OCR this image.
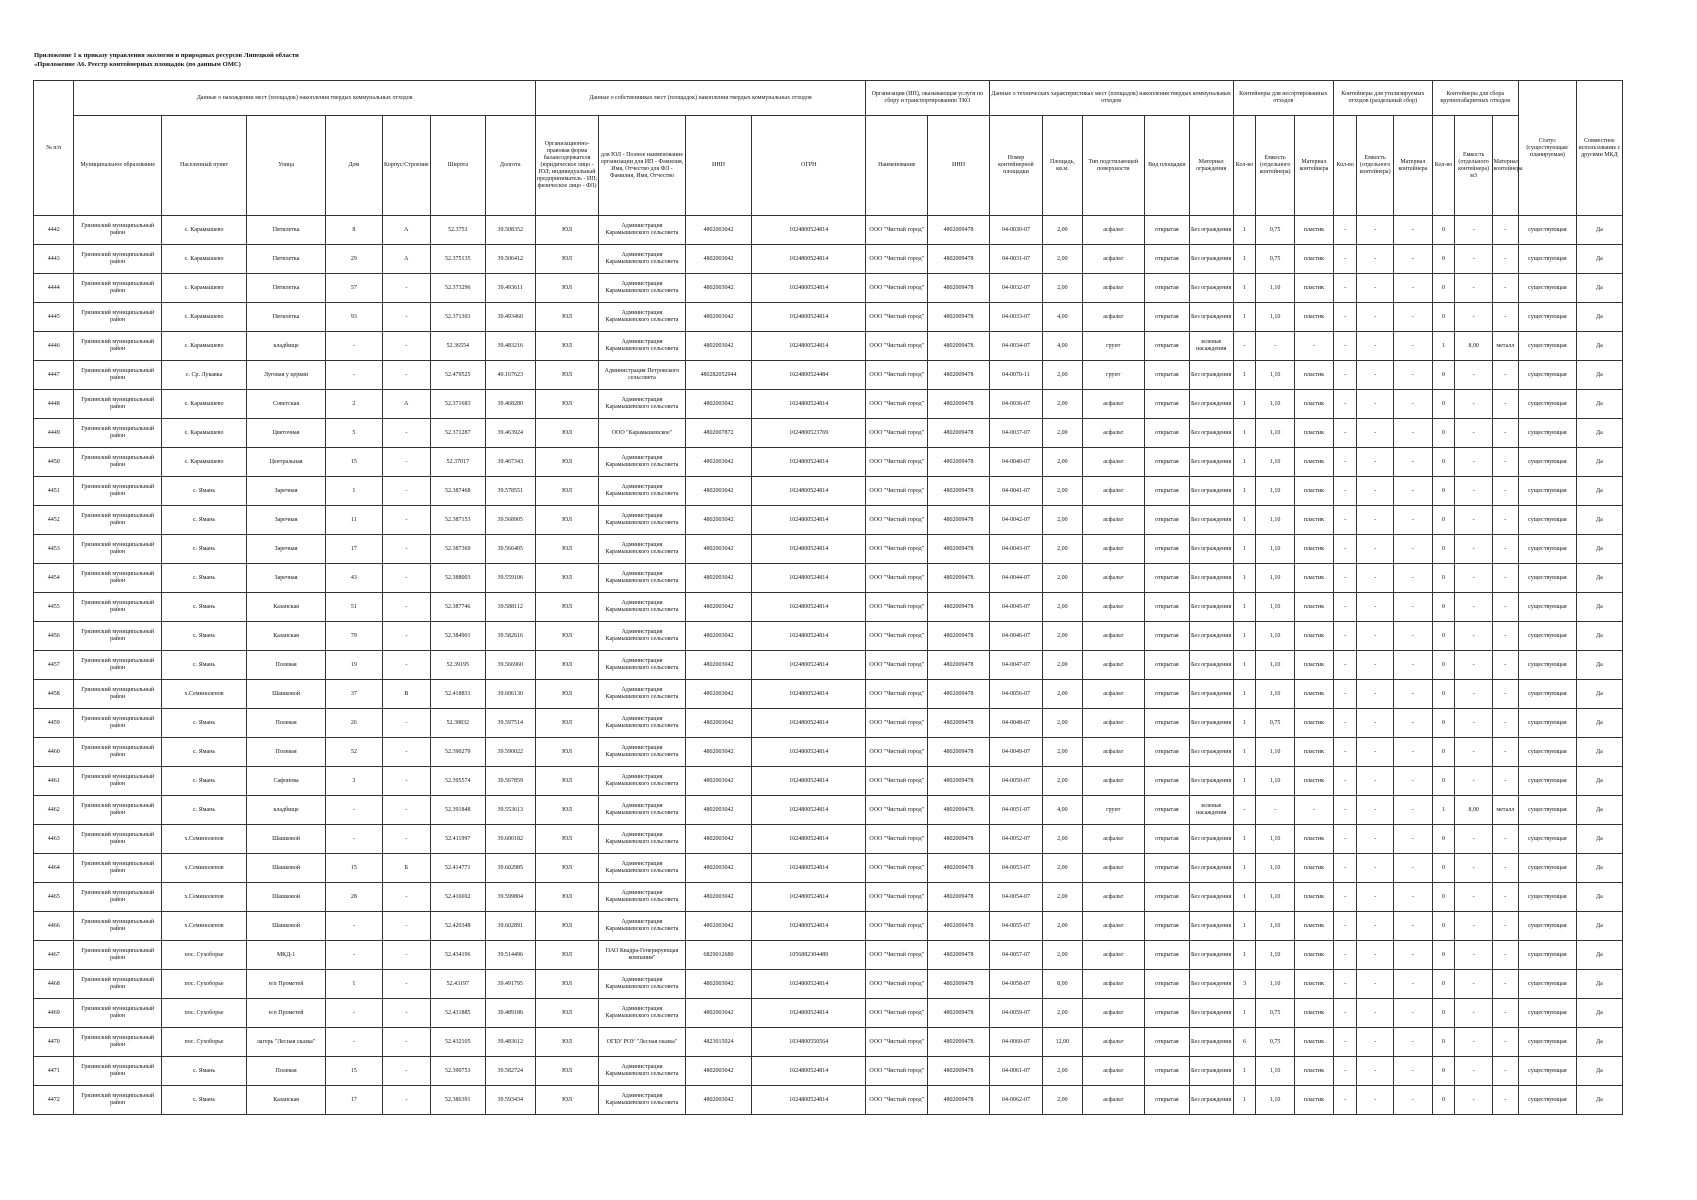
Приложение 1 к приказу управления экологии и природных ресурсов Липецкой области
«Приложение А6. Реестр контейнерных площадок (по данным ОМС)
№ п/п	Данные о нахождении мест (площадок) накопления твердых коммунальных отходов							Данные о собственниках мест (площадок) накопления твердых коммунальных отходов				Организация (ИП), оказывающая услуги по сбору и транспортированию ТКО		Данные о технических характеристиках мест (площадок) накопления твердых коммунальных отходов					Контейнеры для несортированных отходов			Контейнеры для утилизируемых отходов (раздельный сбор)			Контейнеры для сбора крупногабаритных отходов			Статус (существующая/планируемая)	Совместное использование с другими МКД
	Муниципальное образование	Населенный пункт	Улица	Дом	Корпус/Строение	Широта	Долгота	Организационно-правовая форма балансодержателя (юридическое лицо - ЮЛ; индивидуальный предприниматель - ИП; физическое лицо - ФЛ)	для ЮЛ - Полное наименование организации для ИП - Фамилия, Имя, Отчество для ФЛ - Фамилия, Имя, Отчество	ИНН	ОГРН	Наименование	ИНН	Номер контейнерной площадки	Площадь, кв.м.	Тип подстилающей поверхности	Вид площадки	Материал ограждения	Кол-во	Емкость (отдельного контейнера)	Материал контейнера	Кол-во	Емкость (отдельного контейнера)	Материал контейнера	Кол-во	Емкость (отдельного контейнера) м3	Материал контейнера		
4442	Грязинский муниципальный район	с. Карамышево	Пятилетка	8	А	52.3753	39.508352	ЮЛ	Администрация Карамышевского сельсовета	4802003042	1024800524814	ООО "Чистый город"	4802009478	04-0030-07	2,00	асфальт	открытая	Без ограждения	1	0,75	пластик	-	-	-	0	-	-	существующая	Да
4443	Грязинский муниципальный район	с. Карамышево	Пятилетка	29	А	52.375135	39.506412	ЮЛ	Администрация Карамышевского сельсовета	4802003042	1024800524814	ООО "Чистый город"	4802009478	04-0031-07	2,00	асфальт	открытая	Без ограждения	1	0,75	пластик	-	-	-	0	-	-	существующая	Да
4444	Грязинский муниципальный район	с. Карамышево	Пятилетка	57	-	52.373296	39.493611	ЮЛ	Администрация Карамышевского сельсовета	4802003042	1024800524814	ООО "Чистый город"	4802009478	04-0032-07	2,00	асфальт	открытая	Без ограждения	1	1,10	пластик	-	-	-	0	-	-	существующая	Да
4445	Грязинский муниципальный район	с. Карамышево	Пятилетка	93	-	52.371303	39.493460	ЮЛ	Администрация Карамышевского сельсовета	4802003042	1024800524814	ООО "Чистый город"	4802009478	04-0033-07	4,00	асфальт	открытая	Без ограждения	1	1,10	пластик	-	-	-	0	-	-	существующая	Да
4446	Грязинский муниципальный район	с. Карамышево	кладбище	-	-	52.36554	39.483216	ЮЛ	Администрация Карамышевского сельсовета	4802003042	1024800524814	ООО "Чистый город"	4802009478	04-0034-07	4,00	грунт	открытая	зеленые насаждения	-	-	-	-	-	-	1	8,00	металл	существующая	Да
4447	Грязинский муниципальный район	с. Ср. Лукавка	Луговая у церкви	-	-	52.479525	40.167623	ЮЛ	Администрация Петровского сельсовета	480282052944	1024800524484	ООО "Чистый город"	4802009478	04-0070-11	2,00	грунт	открытая	Без ограждения	1	1,10	пластик	-	-	-	0	-	-	существующая	Да
4448	Грязинский муниципальный район	с. Карамышево	Советская	2	А	52.371683	39.468280	ЮЛ	Администрация Карамышевского сельсовета	4802003042	1024800524814	ООО "Чистый город"	4802009478	04-0036-07	2,00	асфальт	открытая	Без ограждения	1	1,10	пластик	-	-	-	0	-	-	существующая	Да
4449	Грязинский муниципальный район	с. Карамышево	Цветочная	5	-	52.371287	39.463924	ЮЛ	ООО "Карамышевское"	4802007872	1024800523769	ООО "Чистый город"	4802009478	04-0037-07	2,00	асфальт	открытая	Без ограждения	1	1,10	пластик	-	-	-	0	-	-	существующая	Да
4450	Грязинский муниципальный район	с. Карамышево	Центральная	15	-	52.37017	39.467343	ЮЛ	Администрация Карамышевского сельсовета	4802003042	1024800524814	ООО "Чистый город"	4802009478	04-0040-07	2,00	асфальт	открытая	Без ограждения	1	1,10	пластик	-	-	-	0	-	-	существующая	Да
4451	Грязинский муниципальный район	с. Ямань	Заречная	1	-	52.387468	39.578551	ЮЛ	Администрация Карамышевского сельсовета	4802003042	1024800524814	ООО "Чистый город"	4802009478	04-0041-07	2,00	асфальт	открытая	Без ограждения	1	1,10	пластик	-	-	-	0	-	-	существующая	Да
4452	Грязинский муниципальный район	с. Ямань	Заречная	11	-	52.387153	39.568905	ЮЛ	Администрация Карамышевского сельсовета	4802003042	1024800524814	ООО "Чистый город"	4802009478	04-0042-07	2,00	асфальт	открытая	Без ограждения	1	1,10	пластик	-	-	-	0	-	-	существующая	Да
4453	Грязинский муниципальный район	с. Ямань	Заречная	17	-	52.387369	39.566405	ЮЛ	Администрация Карамышевского сельсовета	4802003042	1024800524814	ООО "Чистый город"	4802009478	04-0043-07	2,00	асфальт	открытая	Без ограждения	1	1,10	пластик	-	-	-	0	-	-	существующая	Да
4454	Грязинский муниципальный район	с. Ямань	Заречная	43	-	52.388003	39.559106	ЮЛ	Администрация Карамышевского сельсовета	4802003042	1024800524814	ООО "Чистый город"	4802009478	04-0044-07	2,00	асфальт	открытая	Без ограждения	1	1,10	пластик	-	-	-	0	-	-	существующая	Да
4455	Грязинский муниципальный район	с. Ямань	Казанская	51	-	52.387746	39.588112	ЮЛ	Администрация Карамышевского сельсовета	4802003042	1024800524814	ООО "Чистый город"	4802009478	04-0045-07	2,00	асфальт	открытая	Без ограждения	1	1,10	пластик	-	-	-	0	-	-	существующая	Да
4456	Грязинский муниципальный район	с. Ямань	Казанская	79	-	52.384901	39.582616	ЮЛ	Администрация Карамышевского сельсовета	4802003042	1024800524814	ООО "Чистый город"	4802009478	04-0046-07	2,00	асфальт	открытая	Без ограждения	1	1,10	пластик	-	-	-	0	-	-	существующая	Да
4457	Грязинский муниципальный район	с. Ямань	Полевая	19	-	52.39195	39.566960	ЮЛ	Администрация Карамышевского сельсовета	4802003042	1024800524814	ООО "Чистый город"	4802009478	04-0047-07	2,00	асфальт	открытая	Без ограждения	1	1,10	пластик	-	-	-	0	-	-	существующая	Да
4458	Грязинский муниципальный район	х.Семинолепов	Шашковой	37	В	52.418831	39.606130	ЮЛ	Администрация Карамышевского сельсовета	4802003042	1024800524814	ООО "Чистый город"	4802009478	04-0056-07	2,00	асфальт	открытая	Без ограждения	1	1,10	пластик	-	-	-	0	-	-	существующая	Да
4459	Грязинский муниципальный район	с. Ямань	Полевая	26	-	52.38832	39.597514	ЮЛ	Администрация Карамышевского сельсовета	4802003042	1024800524814	ООО "Чистый город"	4802009478	04-0048-07	2,00	асфальт	открытая	Без ограждения	1	0,75	пластик	-	-	-	0	-	-	существующая	Да
4460	Грязинский муниципальный район	с. Ямань	Полевая	52	-	52.390279	39.590022	ЮЛ	Администрация Карамышевского сельсовета	4802003042	1024800524814	ООО "Чистый город"	4802009478	04-0049-07	2,00	асфальт	открытая	Без ограждения	1	1,10	пластик	-	-	-	0	-	-	существующая	Да
4461	Грязинский муниципальный район	с. Ямань	Сафонова	3	-	52.395574	39.567859	ЮЛ	Администрация Карамышевского сельсовета	4802003042	1024800524814	ООО "Чистый город"	4802009478	04-0050-07	2,00	асфальт	открытая	Без ограждения	1	1,10	пластик	-	-	-	0	-	-	существующая	Да
4462	Грязинский муниципальный район	с. Ямань	кладбище	-	-	52.391848	39.553613	ЮЛ	Администрация Карамышевского сельсовета	4802003042	1024800524814	ООО "Чистый город"	4802009478	04-0051-07	4,00	грунт	открытая	зеленые насаждения	-	-	-	-	-	-	1	8,00	металл	существующая	Да
4463	Грязинский муниципальный район	х.Семинолепов	Шашковой	-	-	52.411997	39.600182	ЮЛ	Администрация Карамышевского сельсовета	4802003042	1024800524814	ООО "Чистый город"	4802009478	04-0052-07	2,00	асфальт	открытая	Без ограждения	1	1,10	пластик	-	-	-	0	-	-	существующая	Да
4464	Грязинский муниципальный район	х.Семинолепов	Шашковой	15	Б	52.414771	39.602985	ЮЛ	Администрация Карамышевского сельсовета	4802003042	1024800524814	ООО "Чистый город"	4802009478	04-0053-07	2,00	асфальт	открытая	Без ограждения	1	1,10	пластик	-	-	-	0	-	-	существующая	Да
4465	Грязинский муниципальный район	х.Семинолепов	Шашковой	28	-	52.416692	39.599804	ЮЛ	Администрация Карамышевского сельсовета	4802003042	1024800524814	ООО "Чистый город"	4802009478	04-0054-07	2,00	асфальт	открытая	Без ограждения	1	1,10	пластик	-	-	-	0	-	-	существующая	Да
4466	Грязинский муниципальный район	х.Семинолепов	Шашковой	-	-	52.420348	39.602891	ЮЛ	Администрация Карамышевского сельсовета	4802003042	1024800524814	ООО "Чистый город"	4802009478	04-0055-07	2,00	асфальт	открытая	Без ограждения	1	1,10	пластик	-	-	-	0	-	-	существующая	Да
4467	Грязинский муниципальный район	пос. Сухоборье	МКД-1	-	-	52.434196	39.514496	ЮЛ	ПАО Квадра-Генерирующая компания"	6829012680	1056882304489	ООО "Чистый город"	4802009478	04-0057-07	2,00	асфальт	открытая	Без ограждения	1	1,10	пластик	-	-	-	0	-	-	существующая	Да
4468	Грязинский муниципальный район	пос. Сухоборье	н/п Прометей	1	-	52.43197	39.491795	ЮЛ	Администрация Карамышевского сельсовета	4802003042	1024800524814	ООО "Чистый город"	4802009478	04-0058-07	8,00	асфальт	открытая	Без ограждения	3	1,10	пластик	-	-	-	0	-	-	существующая	Да
4469	Грязинский муниципальный район	пос. Сухоборье	н/п Прометей	-	-	52.431885	39.489186	ЮЛ	Администрация Карамышевского сельсовета	4802003042	1024800524814	ООО "Чистый город"	4802009478	04-0059-07	2,00	асфальт	открытая	Без ограждения	1	0,75	пластик	-	-	-	0	-	-	существующая	Да
4470	Грязинский муниципальный район	пос. Сухоборье	лагерь "Лесная сказка"	-	-	52.432105	39.483612	ЮЛ	ОГБУ РОУ "Лесная сказка"	4823015024	1034800550564	ООО "Чистый город"	4802009478	04-0060-07	12,00	асфальт	открытая	Без ограждения	6	0,75	пластик	-	-	-	0	-	-	существующая	Да
4471	Грязинский муниципальный район	с. Ямань	Полевая	15	-	52.390753	39.582724	ЮЛ	Администрация Карамышевского сельсовета	4802003042	1024800524814	ООО "Чистый город"	4802009478	04-0061-07	2,00	асфальт	открытая	Без ограждения	1	1,10	пластик	-	-	-	0	-	-	существующая	Да
4472	Грязинский муниципальный район	с. Ямань	Казанская	17	-	52.386391	39.593434	ЮЛ	Администрация Карамышевского сельсовета	4802003042	1024800524814	ООО "Чистый город"	4802009478	04-0062-07	2,00	асфальт	открытая	Без ограждения	1	1,10	пластик	-	-	-	0	-	-	существующая	Да
